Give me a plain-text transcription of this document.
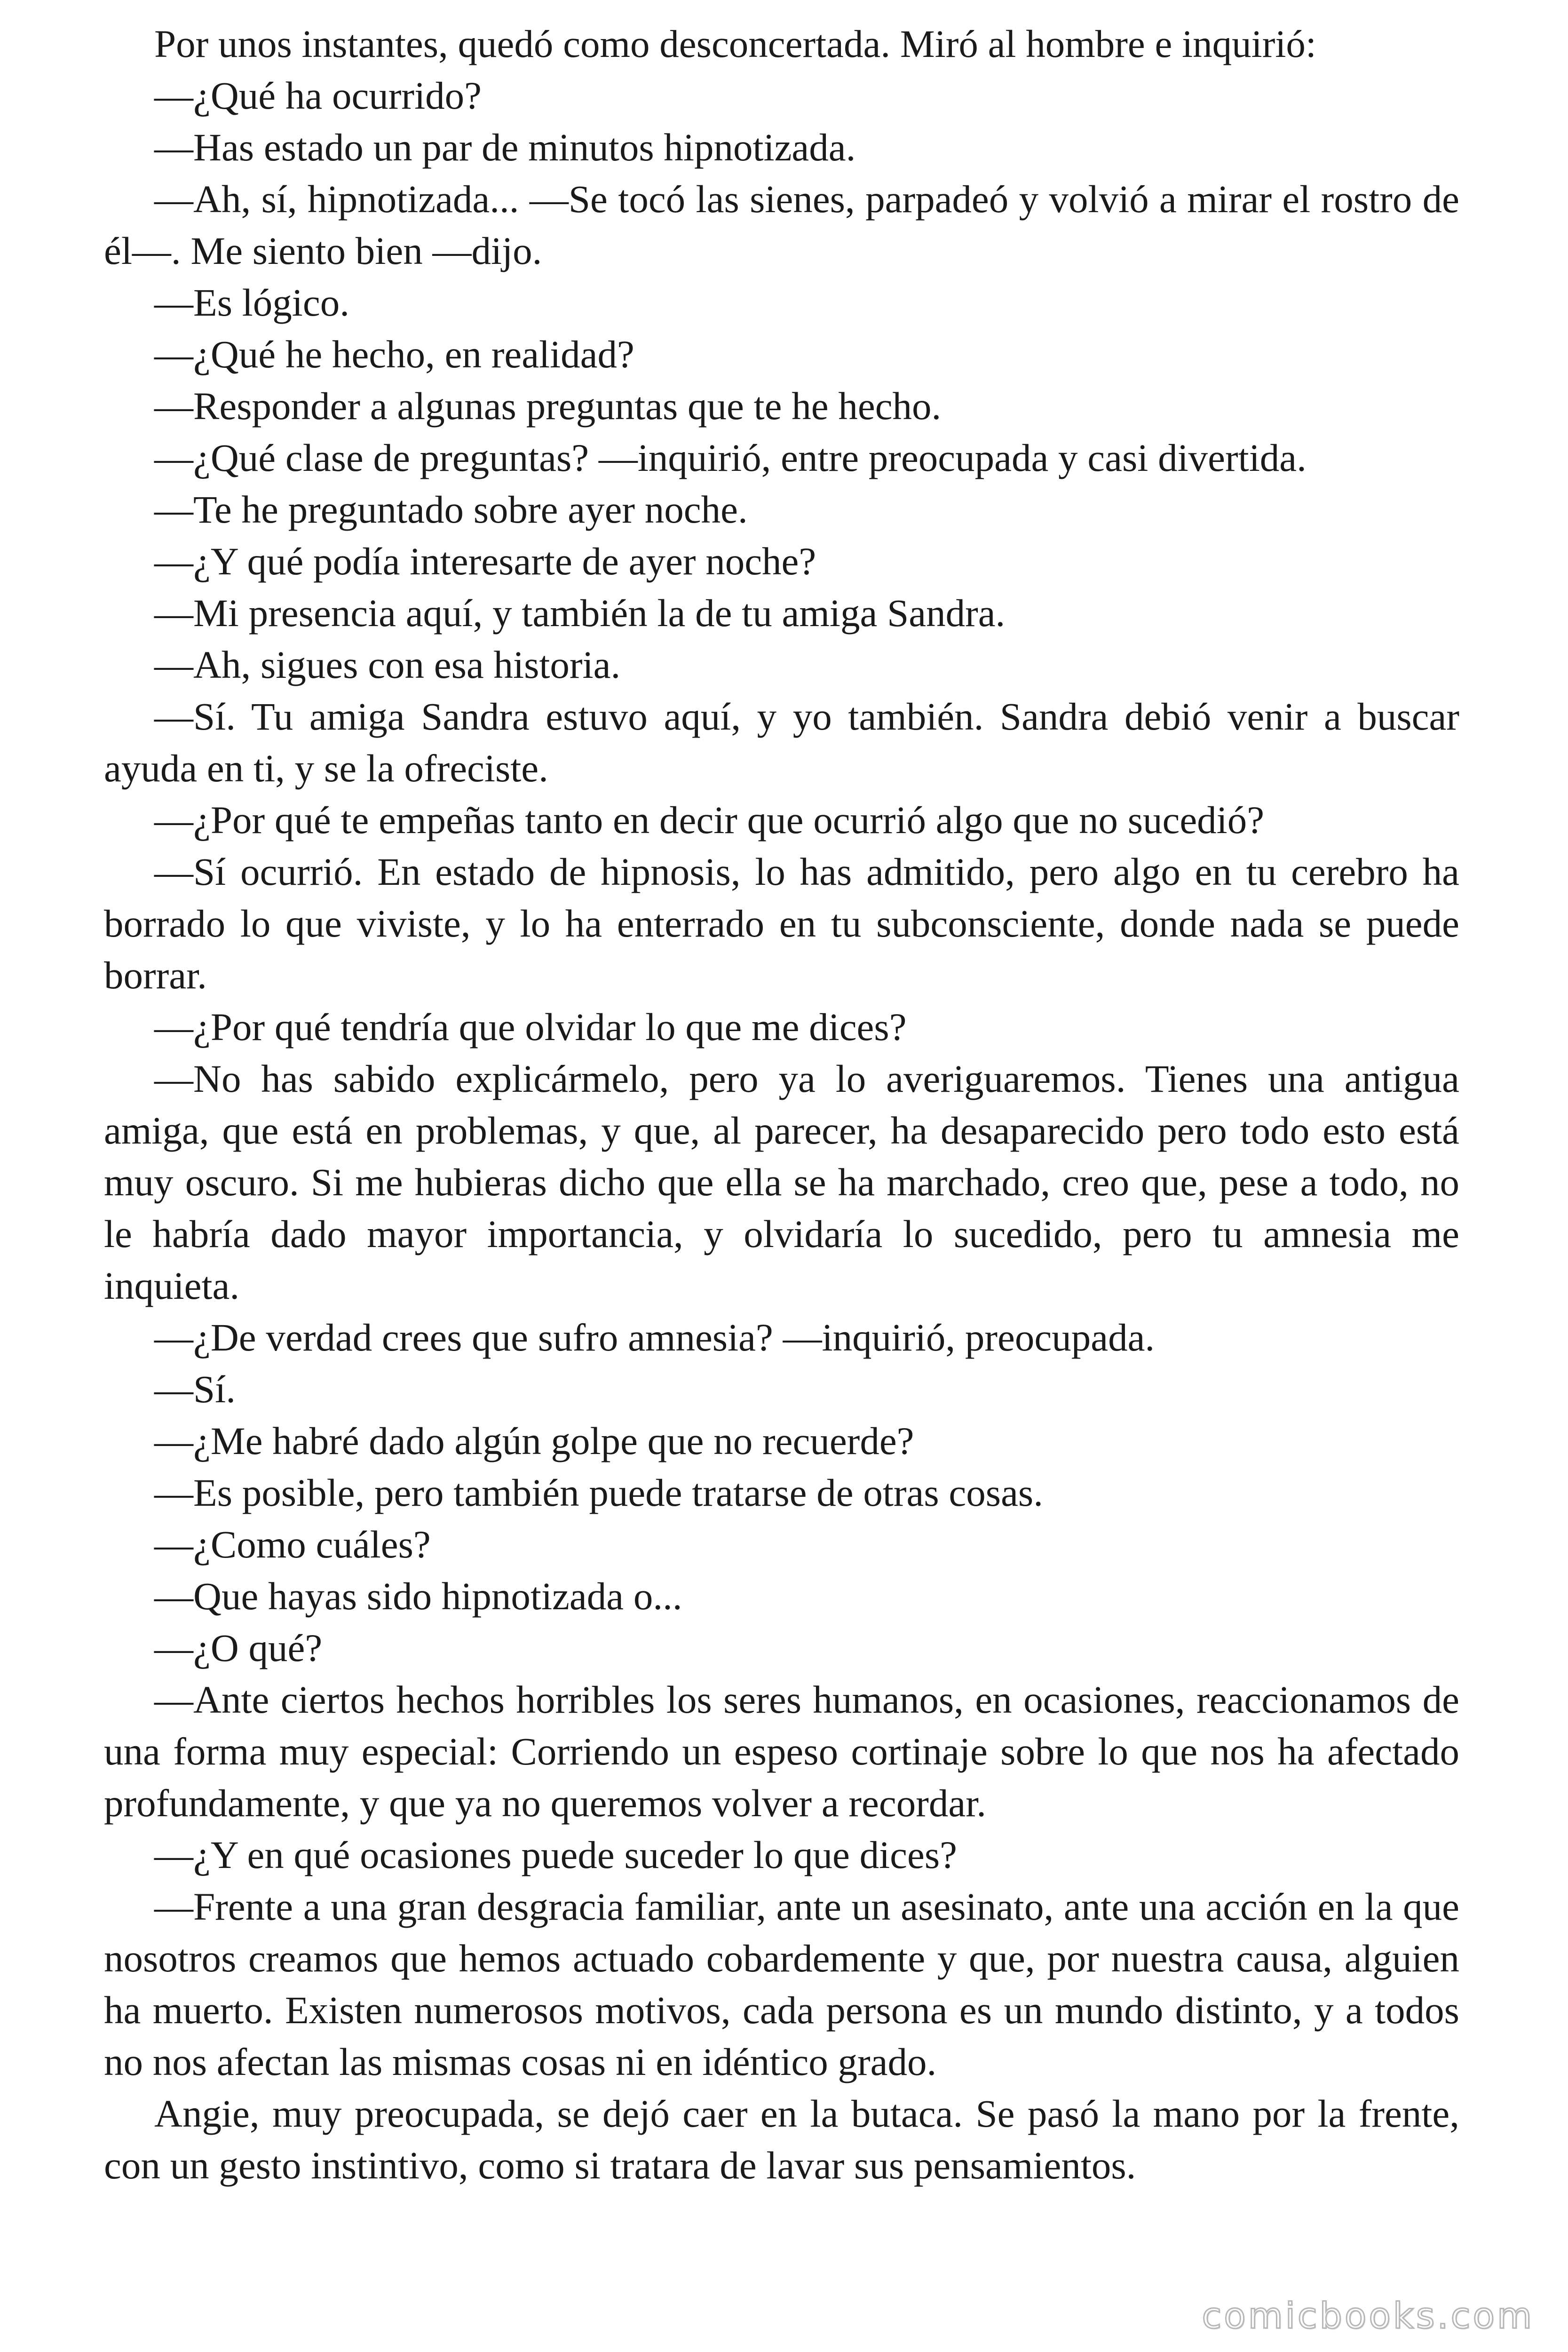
Por unos instantes, quedó como desconcertada. Miró al hombre e inquirió:

—¿Qué ha ocurrido?

—Has estado un par de minutos hipnotizada.

—Ah, sí, hipnotizada... —Se tocó las sienes, parpadeó y volvió a mirar el rostro de él—. Me siento bien —dijo.

—Es lógico.

—¿Qué he hecho, en realidad?

—Responder a algunas preguntas que te he hecho.

—¿Qué clase de preguntas? —inquirió, entre preocupada y casi divertida.

—Te he preguntado sobre ayer noche.

—¿Y qué podía interesarte de ayer noche?

—Mi presencia aquí, y también la de tu amiga Sandra.

—Ah, sigues con esa historia.

—Sí. Tu amiga Sandra estuvo aquí, y yo también. Sandra debió venir a buscar ayuda en ti, y se la ofreciste.

—¿Por qué te empeñas tanto en decir que ocurrió algo que no sucedió?

—Sí ocurrió. En estado de hipnosis, lo has admitido, pero algo en tu cerebro ha borrado lo que viviste, y lo ha enterrado en tu subconsciente, donde nada se puede borrar.

—¿Por qué tendría que olvidar lo que me dices?

—No has sabido explicármelo, pero ya lo averiguaremos. Tienes una antigua amiga, que está en problemas, y que, al parecer, ha desaparecido pero todo esto está muy oscuro. Si me hubieras dicho que ella se ha marchado, creo que, pese a todo, no le habría dado mayor importancia, y olvidaría lo sucedido, pero tu amnesia me inquieta.

—¿De verdad crees que sufro amnesia? —inquirió, preocupada.

—Sí.

—¿Me habré dado algún golpe que no recuerde?

—Es posible, pero también puede tratarse de otras cosas.

—¿Como cuáles?

—Que hayas sido hipnotizada o...

—¿O qué?

—Ante ciertos hechos horribles los seres humanos, en ocasiones, reaccionamos de una forma muy especial: Corriendo un espeso cortinaje sobre lo que nos ha afectado profundamente, y que ya no queremos volver a recordar.

—¿Y en qué ocasiones puede suceder lo que dices?

—Frente a una gran desgracia familiar, ante un asesinato, ante una acción en la que nosotros creamos que hemos actuado cobardemente y que, por nuestra causa, alguien ha muerto. Existen numerosos motivos, cada persona es un mundo distinto, y a todos no nos afectan las mismas cosas ni en idéntico grado.

Angie, muy preocupada, se dejó caer en la butaca. Se pasó la mano por la frente, con un gesto instintivo, como si tratara de lavar sus pensamientos.

comicbooks.com
